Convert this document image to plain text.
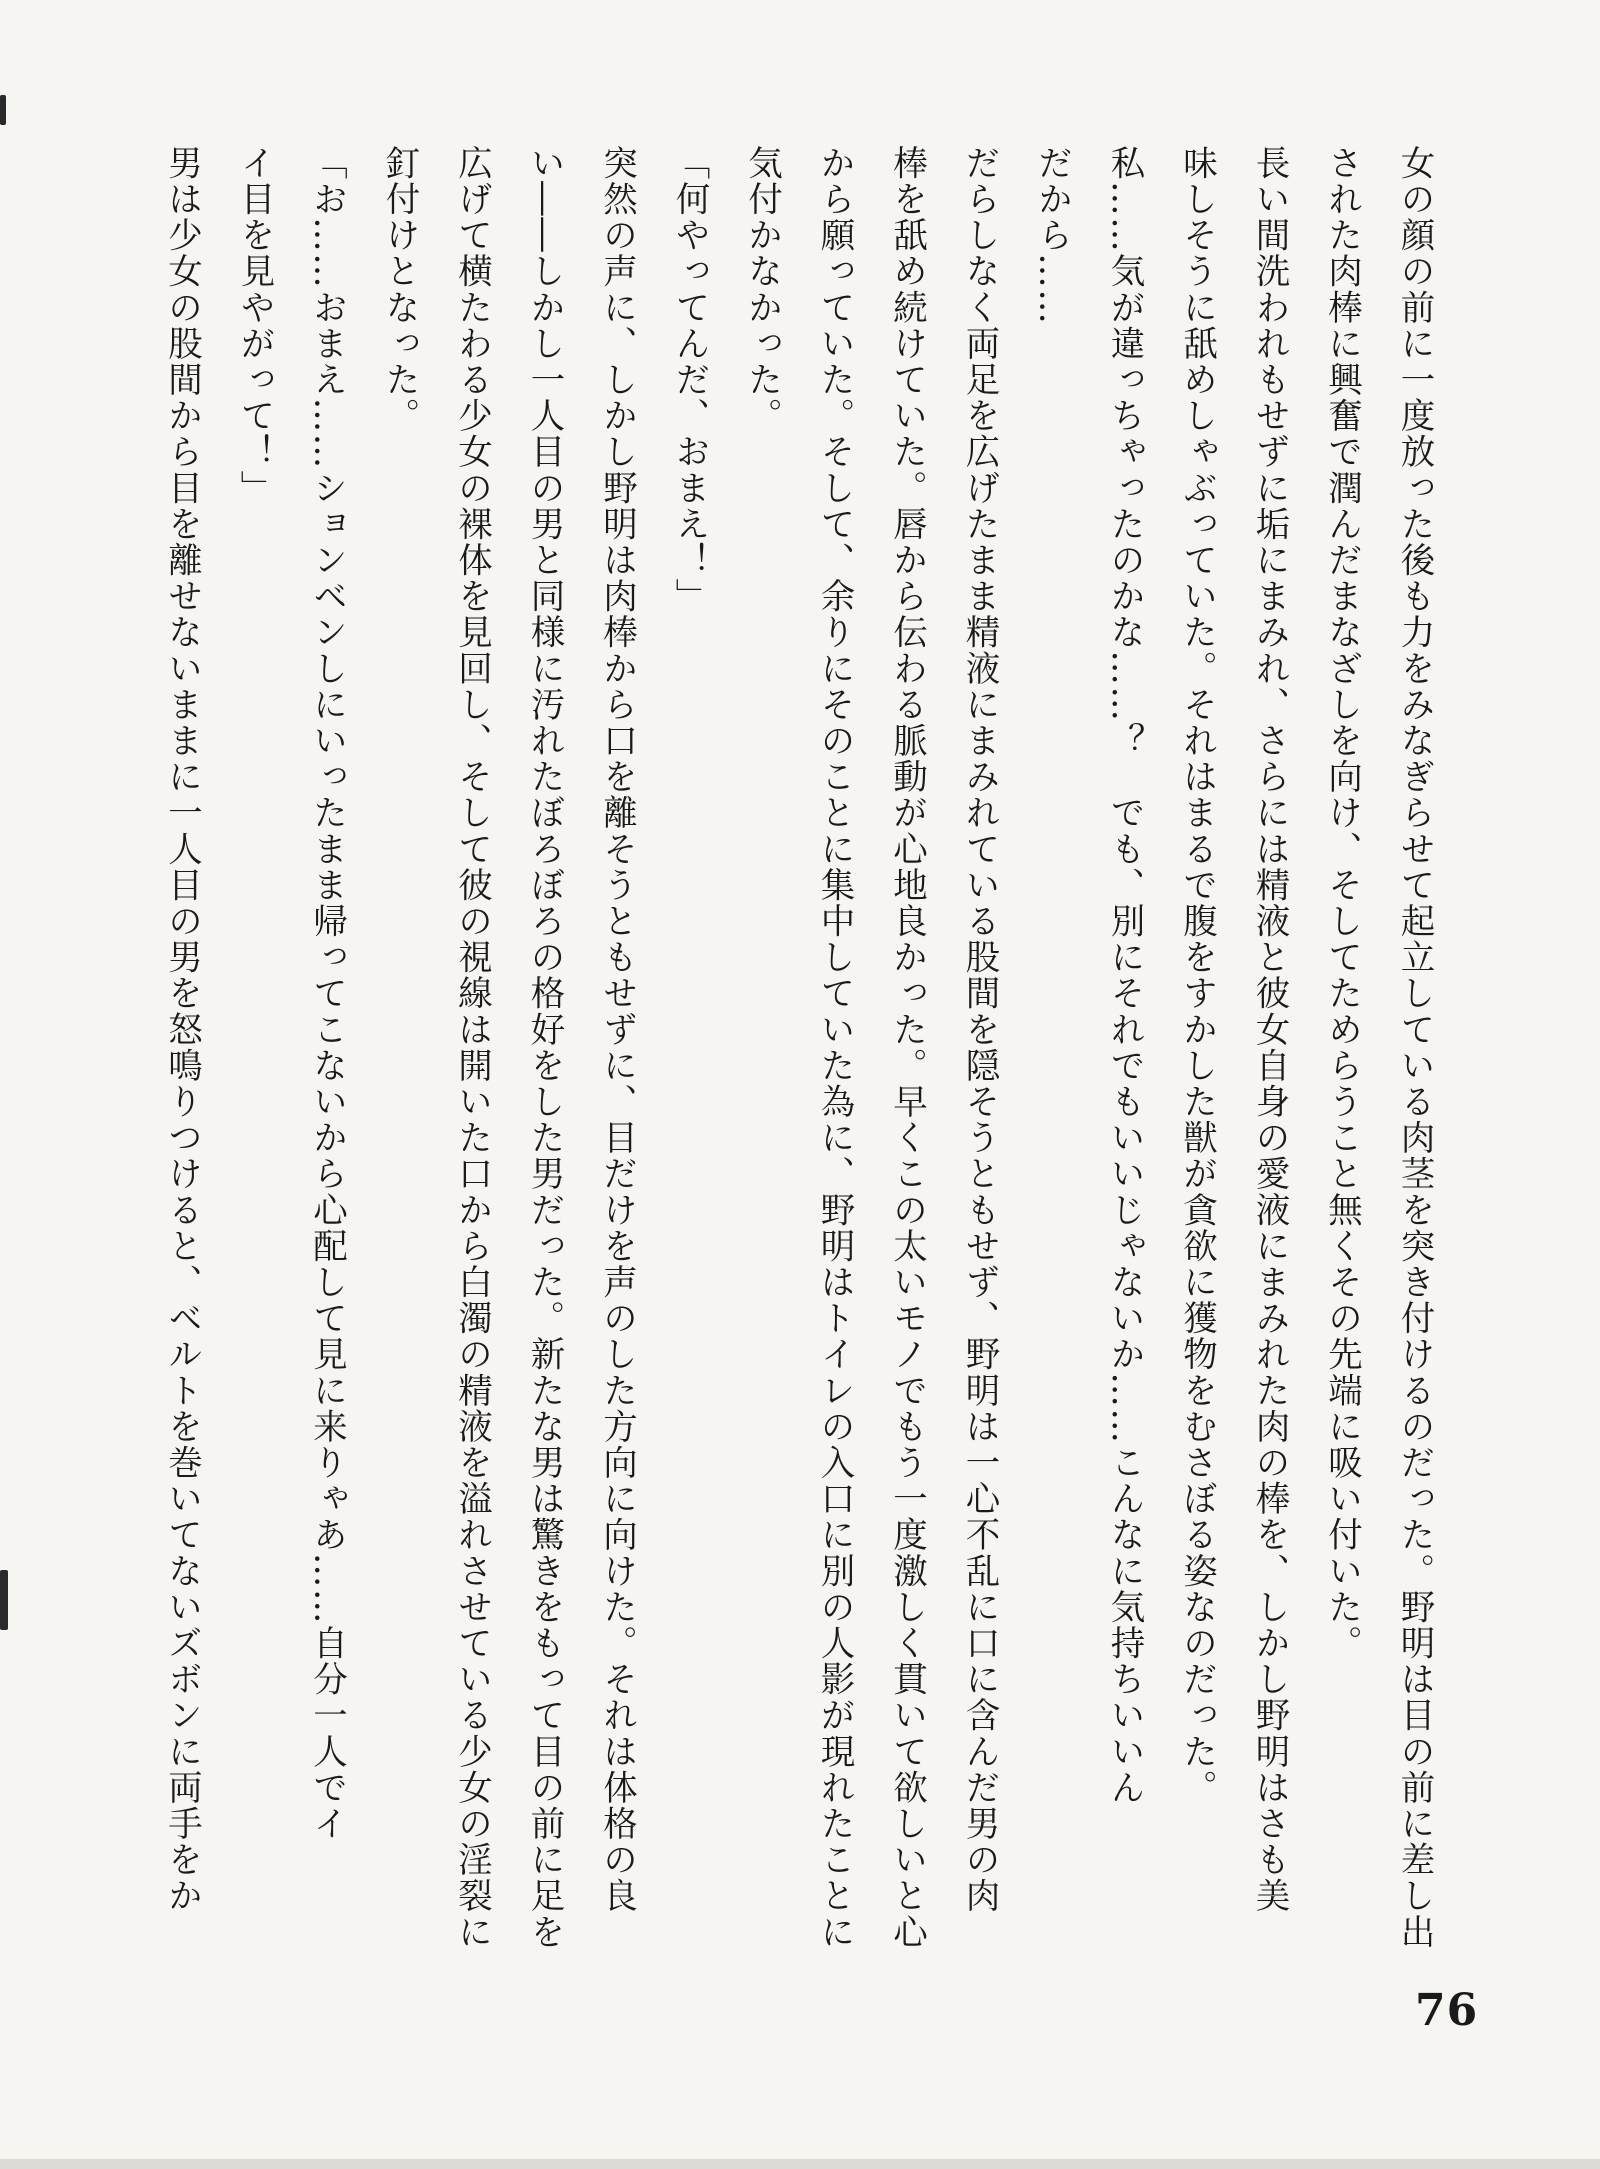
女の顔の前に一度放った後も力をみなぎらせて起立している肉茎を突き付けるのだった。野明は目の前に差し出

された肉棒に興奮で潤んだまなざしを向け、そしてためらうこと無くその先端に吸い付いた。

長い間洗われもせずに垢にまみれ、さらには精液と彼女自身の愛液にまみれた肉の棒を、しかし野明はさも美

味しそうに舐めしゃぶっていた。それはまるで腹をすかした獣が貪欲に獲物をむさぼる姿なのだった。

私……気が違っちゃったのかな……？　でも、別にそれでもいいじゃないか……こんなに気持ちいいん

だから……

だらしなく両足を広げたまま精液にまみれている股間を隠そうともせず、野明は一心不乱に口に含んだ男の肉

棒を舐め続けていた。唇から伝わる脈動が心地良かった。早くこの太いモノでもう一度激しく貫いて欲しいと心

から願っていた。そして、余りにそのことに集中していた為に、野明はトイレの入口に別の人影が現れたことに

気付かなかった。

「何やってんだ、おまえ！」

突然の声に、しかし野明は肉棒から口を離そうともせずに、目だけを声のした方向に向けた。それは体格の良

い――しかし一人目の男と同様に汚れたぼろぼろの格好をした男だった。新たな男は驚きをもって目の前に足を

広げて横たわる少女の裸体を見回し、そして彼の視線は開いた口から白濁の精液を溢れさせている少女の淫裂に

釘付けとなった。

「お……おまえ……ションベンしにいったまま帰ってこないから心配して見に来りゃあ……自分一人でイ

イ目を見やがって！」

男は少女の股間から目を離せないままに一人目の男を怒鳴りつけると、ベルトを巻いてないズボンに両手をか

76
